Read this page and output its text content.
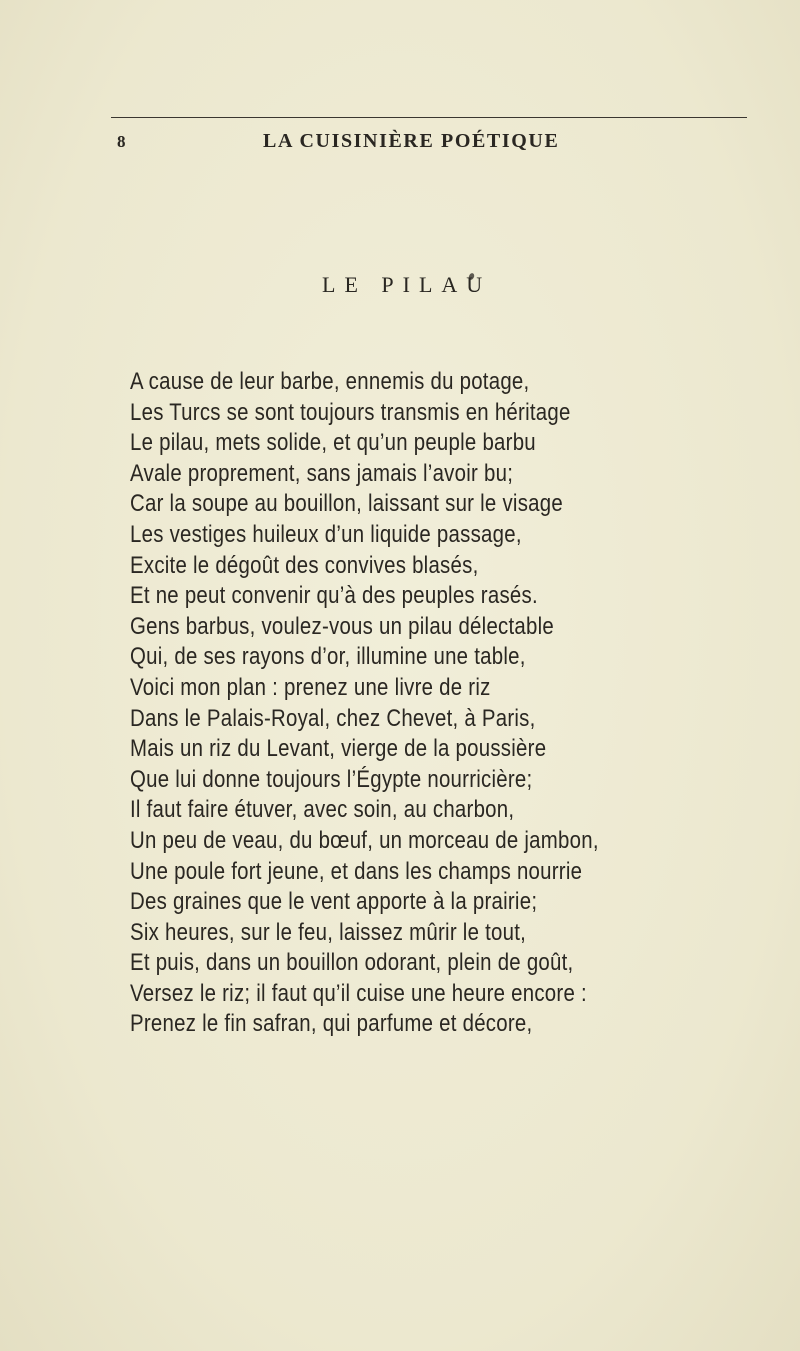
8	LA CUISINIÈRE POÉTIQUE
LE PILAU
A cause de leur barbe, ennemis du potage,
Les Turcs se sont toujours transmis en héritage
Le pilau, mets solide, et qu’un peuple barbu
Avale proprement, sans jamais l’avoir bu;
Car la soupe au bouillon, laissant sur le visage
Les vestiges huileux d’un liquide passage,
Excite le dégoût des convives blasés,
Et ne peut convenir qu’à des peuples rasés.
Gens barbus, voulez-vous un pilau délectable
Qui, de ses rayons d’or, illumine une table,
Voici mon plan : prenez une livre de riz
Dans le Palais-Royal, chez Chevet, à Paris,
Mais un riz du Levant, vierge de la poussière
Que lui donne toujours l’Égypte nourricière;
Il faut faire étuver, avec soin, au charbon,
Un peu de veau, du bœuf, un morceau de jambon,
Une poule fort jeune, et dans les champs nourrie
Des graines que le vent apporte à la prairie;
Six heures, sur le feu, laissez mûrir le tout,
Et puis, dans un bouillon odorant, plein de goût,
Versez le riz; il faut qu’il cuise une heure encore :
Prenez le fin safran, qui parfume et décore,
